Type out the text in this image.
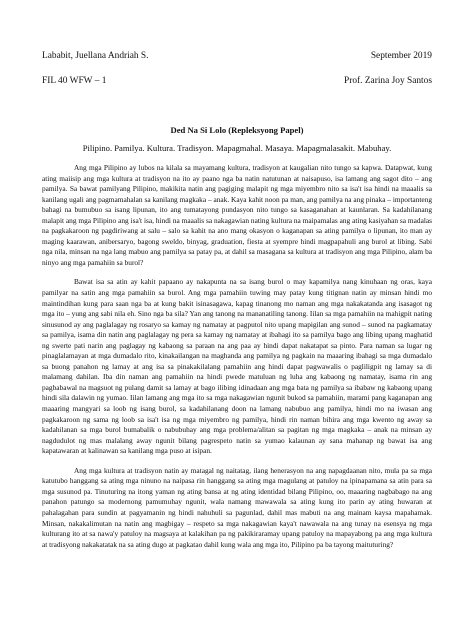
Lababit, Juellana Andriah S.	September 2019
FIL 40 WFW – 1	Prof. Zarina Joy Santos
Ded Na Si Lolo (Repleksyong Papel)
Pilipino. Pamilya. Kultura. Tradisyon. Mapagmahal. Masaya. Mapagmalasakit. Mabuhay.

Ang mga Pilipino ay lubos na kilala sa mayamang kultura, tradisyon at kaugalian nito tungo sa kapwa. Datapwat, kung ating maiisip ang mga kultura at tradisyon na ito ay paano nga ba natin natutunan at naisapuso, isa lamang ang sagot dito – ang pamilya. Sa bawat pamilyang Pilipino, makikita natin ang pagiging malapit ng mga miyembro nito sa isa't isa hindi na maaalis sa kanilang ugali ang pagmamahalan sa kanilang magkaka – anak. Kaya kahit noon pa man, ang pamilya na ang pinaka – importanteng bahagi na bumubuo sa isang lipunan, ito ang tumatayong pundasyon nito tungo sa kasaganahan at kaunlaran. Sa kadahilanang malapit ang mga Pilipino ang isa't isa, hindi na maaalis sa nakagawian nating kultura na maipamalas ang ating kasiyahan sa madalas na pagkakaroon ng pagdiriwang at salu – salo sa kahit na ano mang okasyon o kaganapan sa ating pamilya o lipunan, ito man ay maging kaarawan, anibersaryo, bagong sweldo, binyag, graduation, fiesta at syempre hindi magpapahuli ang burol at libing. Sabi nga nila, minsan na nga lang mabuo ang pamilya sa patay pa, at dahil sa masagana sa kultura at tradisyon ang mga Pilipino, alam ba ninyo ang mga pamahiin sa burol?

Bawat isa sa atin ay kahit papaano ay nakapunta na sa isang burol o may kapamilya nang kinuhaan ng oras, kaya pamilyar na satin ang mga pamahiin sa burol. Ang mga pamahiin tuwing may patay kung titignan natin ay minsan hindi mo maintindihan kung para saan nga ba at kung bakit isinasagawa, kapag tinanong mo naman ang mga nakakatanda ang isasagot ng mga ito – yung ang sabi nila eh. Sino nga ba sila? Yan ang tanong na mananatiling tanong. Iilan sa mga pamahiin na mahigpit nating sinusunod ay ang paglalagay ng rosaryo sa kamay ng namatay at pagputol nito upang mapigilan ang sunod – sunod na pagkamatay sa pamilya, isama din natin ang paglalagay ng pera sa kamay ng namatay at ibahagi ito sa pamilya bago ang libing upang maghatid ng swerte pati narin ang paglagay ng kabaong sa paraan na ang paa ay hindi dapat nakatapat sa pinto. Para naman sa lugar ng pinaglalamayan at mga dumadalo rito, kinakailangan na maghanda ang pamilya ng pagkain na maaaring ibahagi sa mga dumadalo sa buong panahon ng lamay at ang isa sa pinakakilalang pamahiin ang hindi dapat pagwawalis o pagliligpit ng lamay sa di malamang dahilan. Iba din naman ang pamahiin na hindi pwede matuluan ng luha ang kabaong ng namatay, isama rin ang pagbabawal na magsuot ng pulang damit sa lamay at bago ilibing idinadaan ang mga bata ng pamilya sa ibabaw ng kabaong upang hindi sila dalawin ng yumao. Iilan lamang ang mga ito sa mga nakagawian ngunit bukod sa pamahiin, marami pang kaganapan ang maaaring mangyari sa loob ng isang burol, sa kadahilanang doon na lamang nabubuo ang pamilya, hindi mo na iwasan ang pagkakaroon ng sama ng loob sa isa't isa ng mga miyembro ng pamilya, hindi rin naman bihira ang mga kwento ng away sa kadahilanan sa mga burol bumabalik o nabubuhay ang mga problema/alitan sa pagitan ng mga magkaka – anak na minsan ay nagdudulot ng mas malalang away ngunit bilang pagrespeto natin sa yumao kalaunan ay sana mahanap ng bawat isa ang kapatawaran at kalinawan sa kanilang mga puso at isipan.

Ang mga kultura at tradisyon natin ay matagal ng naitatag, ilang henerasyon na ang napagdaanan nito, mula pa sa mga katutubo hanggang sa ating mga ninuno na naipasa rin hanggang sa ating mga magulang at patuloy na ipinapamana sa atin para sa mga susunod pa. Tinuturing na itong yaman ng ating bansa at ng ating identidad bilang Pilipino, oo, maaaring nagbabago na ang panahon patungo sa modernong pamumuhay ngunit, wala namang mawawala sa ating kung ito parin ay ating huwaran at pahalagahan para sundin at pagyamanin ng hindi nahuhuli sa pagunlad, dahil mas mabuti na ang mainam kaysa mapahamak. Minsan, nakakalimutan na natin ang magbigay – respeto sa mga nakagawian kaya't nawawala na ang tunay na esensya ng mga kulturang ito at sa nawa'y patuloy na magsaya at kalakihan pa ng pakikiraramay upang patuloy na mapayabong pa ang mga kultura at tradisyong nakakatatak na sa ating dugo at pagkatao dahil kung wala ang mga ito, Pilipino pa ba tayong maituturing?
